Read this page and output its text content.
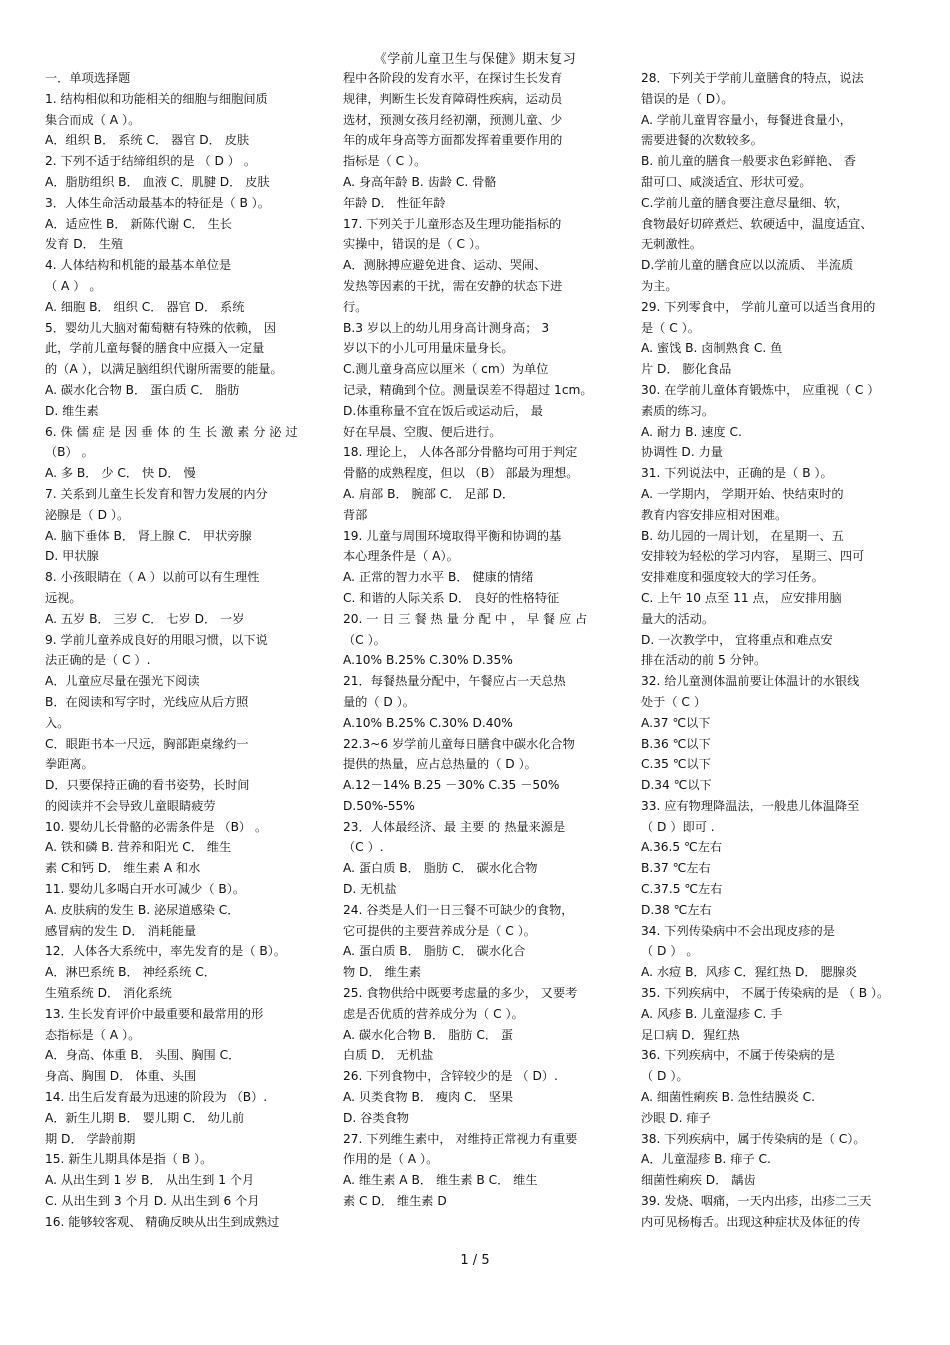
《学前儿童卫生与保健》期末复习
一．单项选择题
1. 结构相似和功能相关的细胞与细胞间质
集合而成（ A ）。
A．组织 B． 系统 C． 器官 D． 皮肤
2. 下列不适于结缔组织的是 （ D ） 。
A．脂肪组织 B． 血液 C．肌腱 D． 皮肤
3．人体生命活动最基本的特征是（ B ）。
A．适应性 B． 新陈代谢 C． 生长
发育 D． 生殖
4. 人体结构和机能的最基本单位是
（ A ） 。
A. 细胞 B． 组织 C． 器官 D． 系统
5．婴幼儿大脑对葡萄糖有特殊的依赖， 因
此，学前儿童每餐的膳食中应摄入一定量
的（A ），以满足脑组织代谢所需要的能量。
A. 碳水化合物 B． 蛋白质 C． 脂肪
D. 维生素
6. 侏 儒 症 是 因 垂 体 的 生 长 激 素 分 泌 过
（B） 。
A. 多 B． 少 C． 快 D． 慢
7. 关系到儿童生长发育和智力发展的内分
泌腺是（ D ）。
A. 脑下垂体 B． 肾上腺 C． 甲状旁腺
D. 甲状腺
8. 小孩眼睛在（ A ）以前可以有生理性
远视。
A. 五岁 B． 三岁 C． 七岁 D． 一岁
9. 学前儿童养成良好的用眼习惯，以下说
法正确的是（ C ）.
A．儿童应尽量在强光下阅读
B．在阅读和写字时，光线应从后方照
入。
C．眼距书本一尺远，胸部距桌缘约一
拳距离。
D．只要保持正确的看书姿势，长时间
的阅读并不会导致儿童眼睛疲劳
10. 婴幼儿长骨骼的必需条件是 （B） 。
A. 铁和磷 B. 营养和阳光 C． 维生
素 C和钙 D． 维生素 A 和水
11. 婴幼儿多喝白开水可减少（ B）。
A. 皮肤病的发生 B. 泌尿道感染 C．
感冒病的发生 D． 消耗能量
12．人体各大系统中，率先发育的是（ B）。
A．淋巴系统 B． 神经系统 C．
生殖系统 D． 消化系统
13. 生长发育评价中最重要和最常用的形
态指标是（ A ）。
A．身高、体重 B． 头围、胸围 C．
身高、胸围 D． 体重、头围
14. 出生后发育最为迅速的阶段为 （B）.
A．新生儿期 B． 婴儿期 C． 幼儿前
期 D． 学龄前期
15. 新生儿期具体是指（ B ）。
A. 从出生到 1 岁 B． 从出生到 1 个月
C. 从出生到 3 个月 D. 从出生到 6 个月
16. 能够较客观、 精确反映从出生到成熟过
程中各阶段的发育水平，在探讨生长发育
规律，判断生长发育障碍性疾病，运动员
选材，预测女孩月经初潮，预测儿童、少
年的成年身高等方面都发挥着重要作用的
指标是（ C ）。
A. 身高年龄 B. 齿龄 C. 骨骼
年龄 D． 性征年龄
17. 下列关于儿童形态及生理功能指标的
实操中，错误的是（ C ）。
A．测脉搏应避免进食、运动、哭闹、
发热等因素的干扰，需在安静的状态下进
行。
B.3 岁以上的幼儿用身高计测身高； 3
岁以下的小儿可用量床量身长。
C.测儿童身高应以厘米（ cm）为单位
记录，精确到个位。测量误差不得超过 1cm。
D.体重称量不宜在饭后或运动后， 最
好在早晨、空腹、便后进行。
18. 理论上， 人体各部分骨骼均可用于判定
骨骼的成熟程度，但以 （B） 部最为理想。
A. 肩部 B． 腕部 C． 足部 D．
背部
19. 儿童与周围环境取得平衡和协调的基
本心理条件是（ A）。
A. 正常的智力水平 B． 健康的情绪
C. 和谐的人际关系 D． 良好的性格特征
20. 一 日 三 餐 热 量 分 配 中 ， 早 餐 应 占
（C ）。
A.10% B.25% C.30% D.35%
21．每餐热量分配中，午餐应占一天总热
量的（ D ）。
A.10% B.25% C.30% D.40%
22.3~6 岁学前儿童每日膳食中碳水化合物
提供的热量，应占总热量的（ D ）。
A.12－14% B.25 －30% C.35 －50%
D.50%-55%
23．人体最经济、最 主要 的 热量来源是
（C ）.
A. 蛋白质 B． 脂肪 C． 碳水化合物
D. 无机盐
24. 谷类是人们一日三餐不可缺少的食物，
它可提供的主要营养成分是（ C ）。
A. 蛋白质 B． 脂肪 C． 碳水化合
物 D． 维生素
25. 食物供给中既要考虑量的多少， 又要考
虑是否优质的营养成分为（ C ）。
A. 碳水化合物 B． 脂肪 C． 蛋
白质 D． 无机盐
26. 下列食物中，含锌较少的是 （ D）.
A. 贝类食物 B． 瘦肉 C． 坚果
D. 谷类食物
27. 下列维生素中， 对维持正常视力有重要
作用的是（ A ）。
A. 维生素 A B． 维生素 B C． 维生
素 C D． 维生素 D
28．下列关于学前儿童膳食的特点，说法
错误的是（ D）。
A. 学前儿童胃容量小，每餐进食量小，
需要进餐的次数较多。
B. 前儿童的膳食一般要求色彩鲜艳、 香
甜可口、咸淡适宜、形状可爱。
C.学前儿童的膳食要注意尽量细、软，
食物最好切碎煮烂、软硬适中，温度适宜、
无刺激性。
D.学前儿童的膳食应以以流质、 半流质
为主。
29. 下列零食中， 学前儿童可以适当食用的
是（ C ）。
A. 蜜饯 B. 卤制熟食 C. 鱼
片 D． 膨化食品
30. 在学前儿童体育锻炼中， 应重视（ C ）
素质的练习。
A. 耐力 B. 速度 C.
协调性 D. 力量
31. 下列说法中，正确的是（ B ）。
A. 一学期内， 学期开始、快结束时的
教育内容安排应相对困难。
B. 幼儿园的一周计划， 在星期一、五
安排较为轻松的学习内容， 星期三、四可
安排难度和强度较大的学习任务。
C. 上午 10 点至 11 点， 应安排用脑
量大的活动。
D. 一次教学中， 宜将重点和难点安
排在活动的前 5 分钟。
32. 给儿童测体温前要让体温计的水银线
处于（ C ）
A.37 ℃以下
B.36 ℃以下
C.35 ℃以下
D.34 ℃以下
33. 应有物理降温法，一般患儿体温降至
（ D ）即可 .
A.36.5 ℃左右
B.37 ℃左右
C.37.5 ℃左右
D.38 ℃左右
34. 下列传染病中不会出现皮疹的是
（ D ） 。
A. 水痘 B．风疹 C．猩红热 D． 腮腺炎
35. 下列疾病中， 不属于传染病的是 （ B ）。
A. 风疹 B. 儿童湿疹 C. 手
足口病 D．猩红热
36. 下列疾病中，不属于传染病的是
（ D ）。
A. 细菌性痢疾 B. 急性结膜炎 C.
沙眼 D. 痱子
38. 下列疾病中，属于传染病的是（ C）。
A．儿童湿疹 B. 痱子 C.
细菌性痢疾 D． 龋齿
39. 发烧、咽痛，一天内出疹，出疹二三天
内可见杨梅舌。出现这种症状及体征的传
1 / 5
